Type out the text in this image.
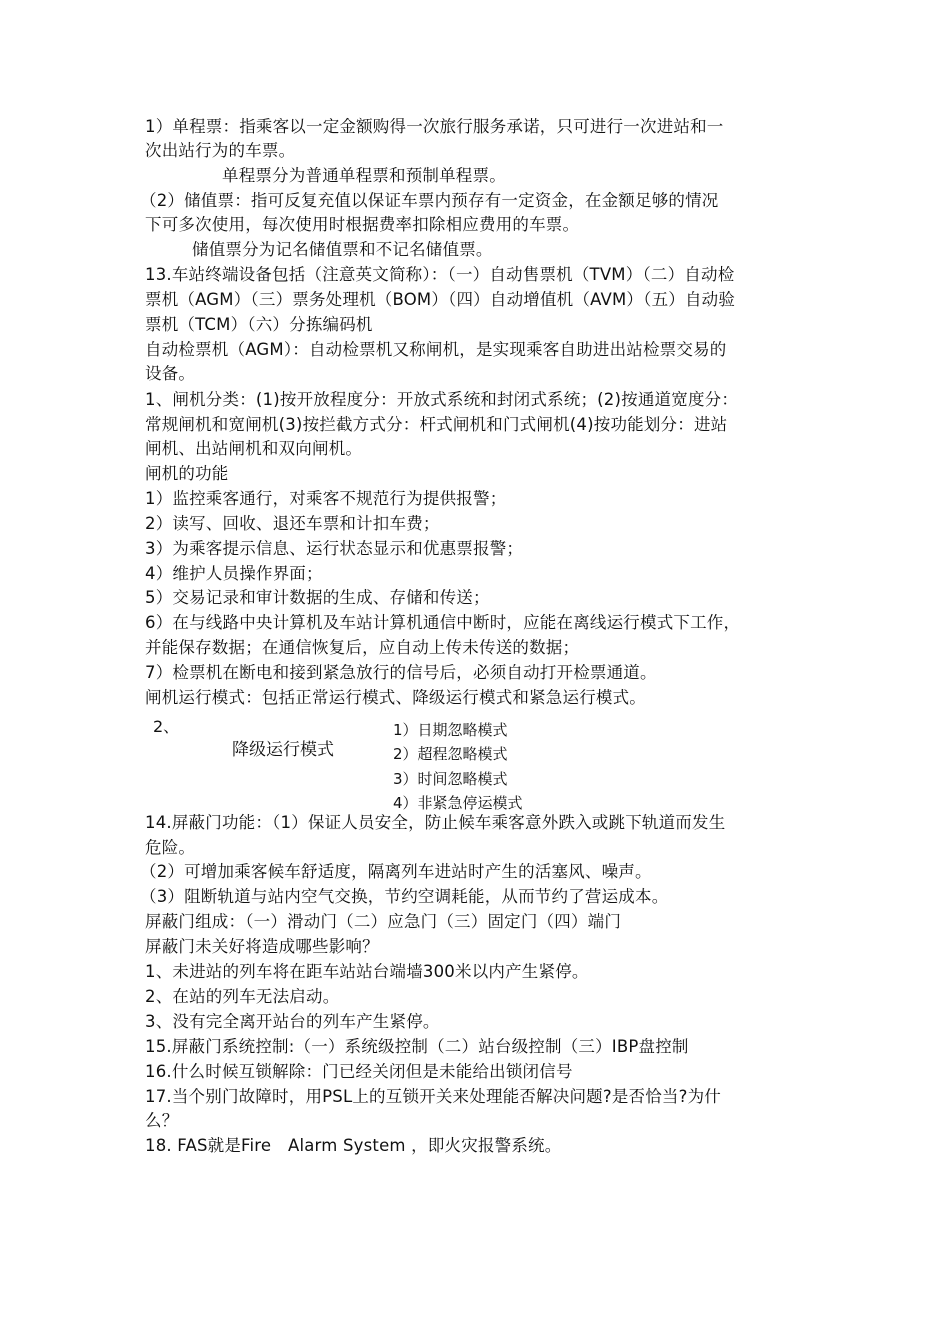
1）单程票：指乘客以一定金额购得一次旅行服务承诺，只可进行一次进站和一
次出站行为的车票。
单程票分为普通单程票和预制单程票。
（2）储值票：指可反复充值以保证车票内预存有一定资金，在金额足够的情况
下可多次使用，每次使用时根据费率扣除相应费用的车票。
储值票分为记名储值票和不记名储值票。
13.车站终端设备包括（注意英文简称）：（一）自动售票机（TVM）（二）自动检
票机（AGM）（三）票务处理机（BOM）（四）自动增值机（AVM）（五）自动验
票机（TCM）（六）分拣编码机
自动检票机（AGM）：自动检票机又称闸机，是实现乘客自助进出站检票交易的
设备。
1、闸机分类：(1)按开放程度分：开放式系统和封闭式系统；(2)按通道宽度分：
常规闸机和宽闸机(3)按拦截方式分：杆式闸机和门式闸机(4)按功能划分：进站
闸机、出站闸机和双向闸机。
闸机的功能
1）监控乘客通行，对乘客不规范行为提供报警；
2）读写、回收、退还车票和计扣车费；
3）为乘客提示信息、运行状态显示和优惠票报警；
4）维护人员操作界面；
5）交易记录和审计数据的生成、存储和传送；
6）在与线路中央计算机及车站计算机通信中断时，应能在离线运行模式下工作，
并能保存数据；在通信恢复后，应自动上传未传送的数据；
7）检票机在断电和接到紧急放行的信号后，必须自动打开检票通道。
闸机运行模式：包括正常运行模式、降级运行模式和紧急运行模式。
2、
降级运行模式
1）日期忽略模式
2）超程忽略模式
3）时间忽略模式
4）非紧急停运模式
14.屏蔽门功能：（1）保证人员安全，防止候车乘客意外跌入或跳下轨道而发生
危险。
（2）可增加乘客候车舒适度，隔离列车进站时产生的活塞风、噪声。
（3）阻断轨道与站内空气交换，节约空调耗能，从而节约了营运成本。
屏蔽门组成：（一）滑动门（二）应急门（三）固定门（四）端门
屏蔽门未关好将造成哪些影响？
1、未进站的列车将在距车站站台端墙300米以内产生紧停。
2、在站的列车无法启动。
3、没有完全离开站台的列车产生紧停。
15.屏蔽门系统控制:（一）系统级控制（二）站台级控制（三）IBP盘控制
16.什么时候互锁解除：门已经关闭但是未能给出锁闭信号
17.当个别门故障时，用PSL上的互锁开关来处理能否解决问题?是否恰当?为什
么？
18. FAS就是Fire　Alarm System ，即火灾报警系统。
